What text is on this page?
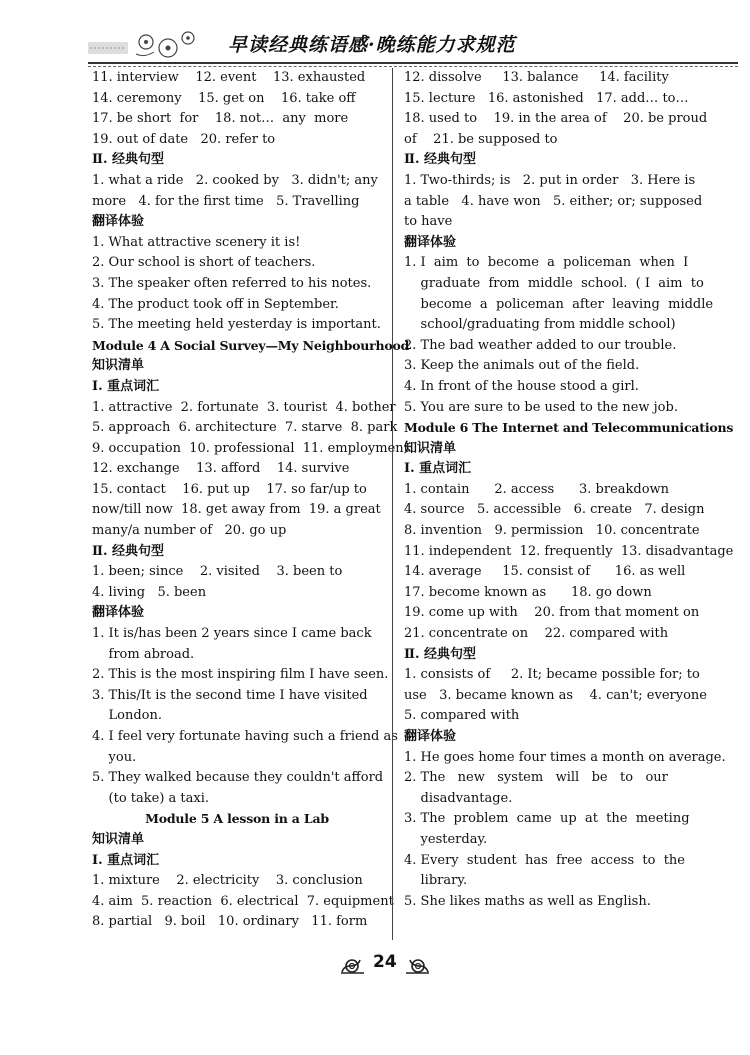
早读经典练语感·晚练能力求规范
11. interview    12. event    13. exhausted
14. ceremony    15. get on    16. take off
17. be short  for    18. not…  any  more
19. out of date   20. refer to
Ⅱ. 经典句型
1. what a ride   2. cooked by   3. didn't; any
more   4. for the first time   5. Travelling
翻译体验
1. What attractive scenery it is!
2. Our school is short of teachers.
3. The speaker often referred to his notes.
4. The product took off in September.
5. The meeting held yesterday is important.
Module 4 A Social Survey—My Neighbourhood
知识清单
Ⅰ. 重点词汇
1. attractive  2. fortunate  3. tourist  4. bother
5. approach  6. architecture  7. starve  8. park
9. occupation  10. professional  11. employment
12. exchange    13. afford    14. survive
15. contact    16. put up    17. so far/up to
now/till now  18. get away from  19. a great
many/a number of   20. go up
Ⅱ. 经典句型
1. been; since    2. visited    3. been to
4. living   5. been
翻译体验
1. It is/has been 2 years since I came back
from abroad.
2. This is the most inspiring film I have seen.
3. This/It is the second time I have visited
London.
4. I feel very fortunate having such a friend as
you.
5. They walked because they couldn't afford
(to take) a taxi.
Module 5 A lesson in a Lab
知识清单
Ⅰ. 重点词汇
1. mixture    2. electricity    3. conclusion
4. aim  5. reaction  6. electrical  7. equipment
8. partial   9. boil   10. ordinary   11. form
12. dissolve     13. balance     14. facility
15. lecture   16. astonished   17. add… to…
18. used to    19. in the area of    20. be proud
of    21. be supposed to
Ⅱ. 经典句型
1. Two-thirds; is   2. put in order   3. Here is
a table   4. have won   5. either; or; supposed
to have
翻译体验
1. I  aim  to  become  a  policeman  when  I
graduate  from  middle  school.  ( I  aim  to
become  a  policeman  after  leaving  middle
school/graduating from middle school)
2. The bad weather added to our trouble.
3. Keep the animals out of the field.
4. In front of the house stood a girl.
5. You are sure to be used to the new job.
Module 6 The Internet and Telecommunications
知识清单
Ⅰ. 重点词汇
1. contain      2. access      3. breakdown
4. source   5. accessible   6. create   7. design
8. invention   9. permission   10. concentrate
11. independent  12. frequently  13. disadvantage
14. average     15. consist of      16. as well
17. become known as      18. go down
19. come up with    20. from that moment on
21. concentrate on    22. compared with
Ⅱ. 经典句型
1. consists of     2. It; became possible for; to
use   3. became known as    4. can't; everyone
5. compared with
翻译体验
1. He goes home four times a month on average.
2. The   new   system   will   be   to   our
disadvantage.
3. The  problem  came  up  at  the  meeting
yesterday.
4. Every  student  has  free  access  to  the
library.
5. She likes maths as well as English.
24
